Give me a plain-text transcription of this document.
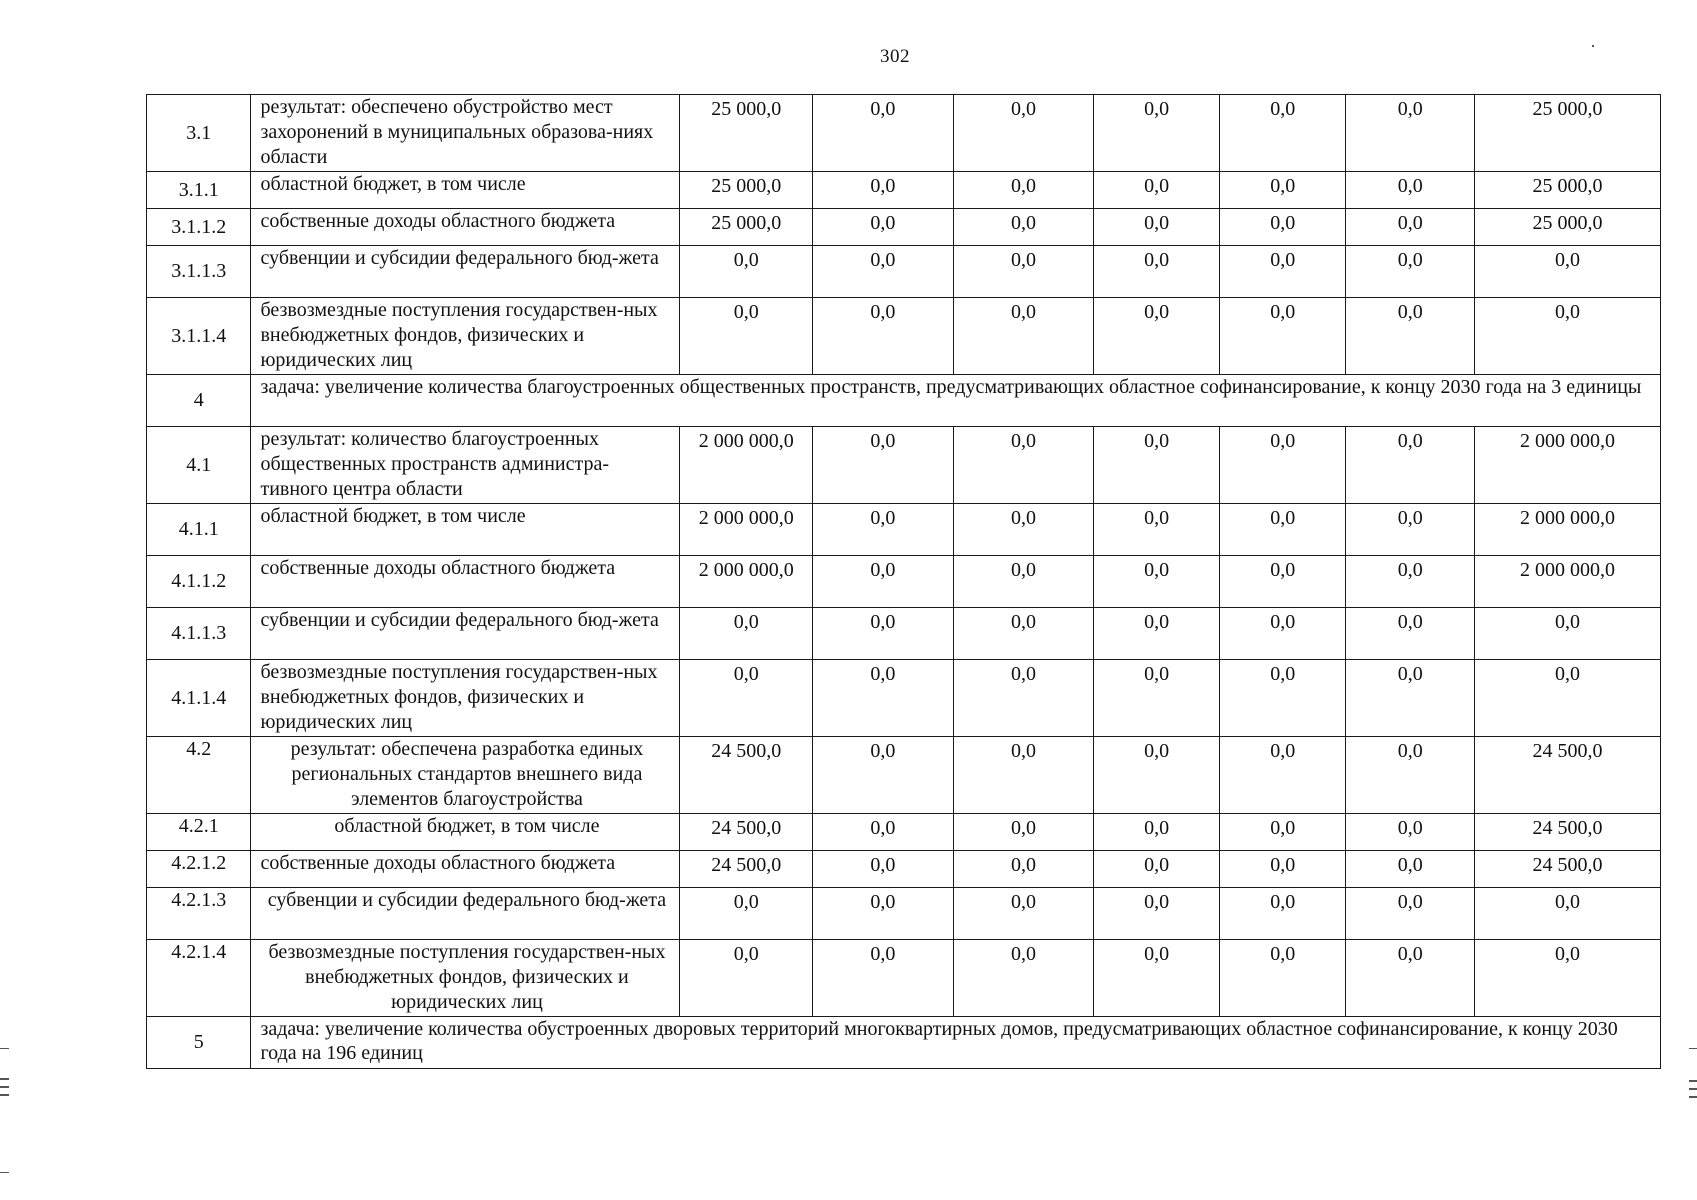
302
3.1	результат: обеспечено обустройство мест захоронений в муниципальных образова-ниях области	25 000,0	0,0	0,0	0,0	0,0	0,0	25 000,0
3.1.1	областной бюджет, в том числе	25 000,0	0,0	0,0	0,0	0,0	0,0	25 000,0
3.1.1.2	собственные доходы областного бюджета	25 000,0	0,0	0,0	0,0	0,0	0,0	25 000,0
3.1.1.3	субвенции и субсидии федерального бюд-жета	0,0	0,0	0,0	0,0	0,0	0,0	0,0
3.1.1.4	безвозмездные поступления государствен-ных внебюджетных фондов, физических и юридических лиц	0,0	0,0	0,0	0,0	0,0	0,0	0,0
4	задача: увеличение количества благоустроенных общественных пространств, предусматривающих областное софинансирование, к концу 2030 года на 3 единицы							
4.1	результат: количество благоустроенных общественных пространств администра-тивного центра области	2 000 000,0	0,0	0,0	0,0	0,0	0,0	2 000 000,0
4.1.1	областной бюджет, в том числе	2 000 000,0	0,0	0,0	0,0	0,0	0,0	2 000 000,0
4.1.1.2	собственные доходы областного бюджета	2 000 000,0	0,0	0,0	0,0	0,0	0,0	2 000 000,0
4.1.1.3	субвенции и субсидии федерального бюд-жета	0,0	0,0	0,0	0,0	0,0	0,0	0,0
4.1.1.4	безвозмездные поступления государствен-ных внебюджетных фондов, физических и юридических лиц	0,0	0,0	0,0	0,0	0,0	0,0	0,0
4.2	результат: обеспечена разработка единых региональных стандартов внешнего вида элементов благоустройства	24 500,0	0,0	0,0	0,0	0,0	0,0	24 500,0
4.2.1	областной бюджет, в том числе	24 500,0	0,0	0,0	0,0	0,0	0,0	24 500,0
4.2.1.2	собственные доходы областного бюджета	24 500,0	0,0	0,0	0,0	0,0	0,0	24 500,0
4.2.1.3	субвенции и субсидии федерального бюд-жета	0,0	0,0	0,0	0,0	0,0	0,0	0,0
4.2.1.4	безвозмездные поступления государствен-ных внебюджетных фондов, физических и юридических лиц	0,0	0,0	0,0	0,0	0,0	0,0	0,0
5	задача: увеличение количества обустроенных дворовых территорий многоквартирных домов, предусматривающих областное софинансирование, к концу 2030 года на 196 единиц							
